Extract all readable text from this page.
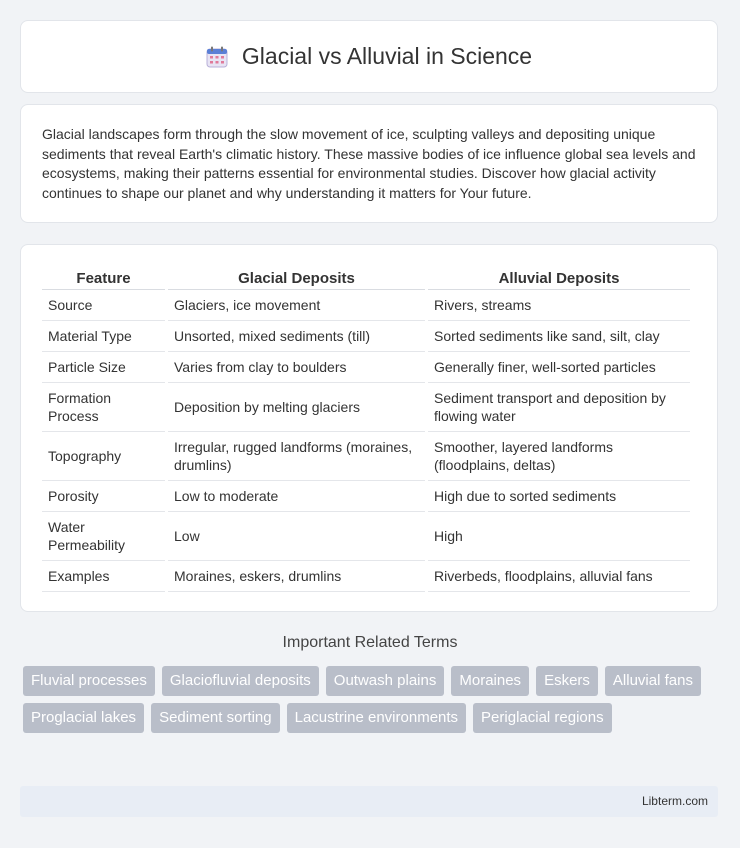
Glacial vs Alluvial in Science

Glacial landscapes form through the slow movement of ice, sculpting valleys and depositing unique sediments that reveal Earth's climatic history. These massive bodies of ice influence global sea levels and ecosystems, making their patterns essential for environmental studies. Discover how glacial activity continues to shape our planet and why understanding it matters for Your future.

Feature	Glacial Deposits	Alluvial Deposits
Source	Glaciers, ice movement	Rivers, streams
Material Type	Unsorted, mixed sediments (till)	Sorted sediments like sand, silt, clay
Particle Size	Varies from clay to boulders	Generally finer, well-sorted particles
Formation Process	Deposition by melting glaciers	Sediment transport and deposition by flowing water
Topography	Irregular, rugged landforms (moraines, drumlins)	Smoother, layered landforms (floodplains, deltas)
Porosity	Low to moderate	High due to sorted sediments
Water Permeability	Low	High
Examples	Moraines, eskers, drumlins	Riverbeds, floodplains, alluvial fans
Important Related Terms
Fluvial processes	Glaciofluvial deposits	Outwash plains	Moraines	Eskers	Alluvial fans
Proglacial lakes	Sediment sorting	Lacustrine environments	Periglacial regions
Libterm.com
